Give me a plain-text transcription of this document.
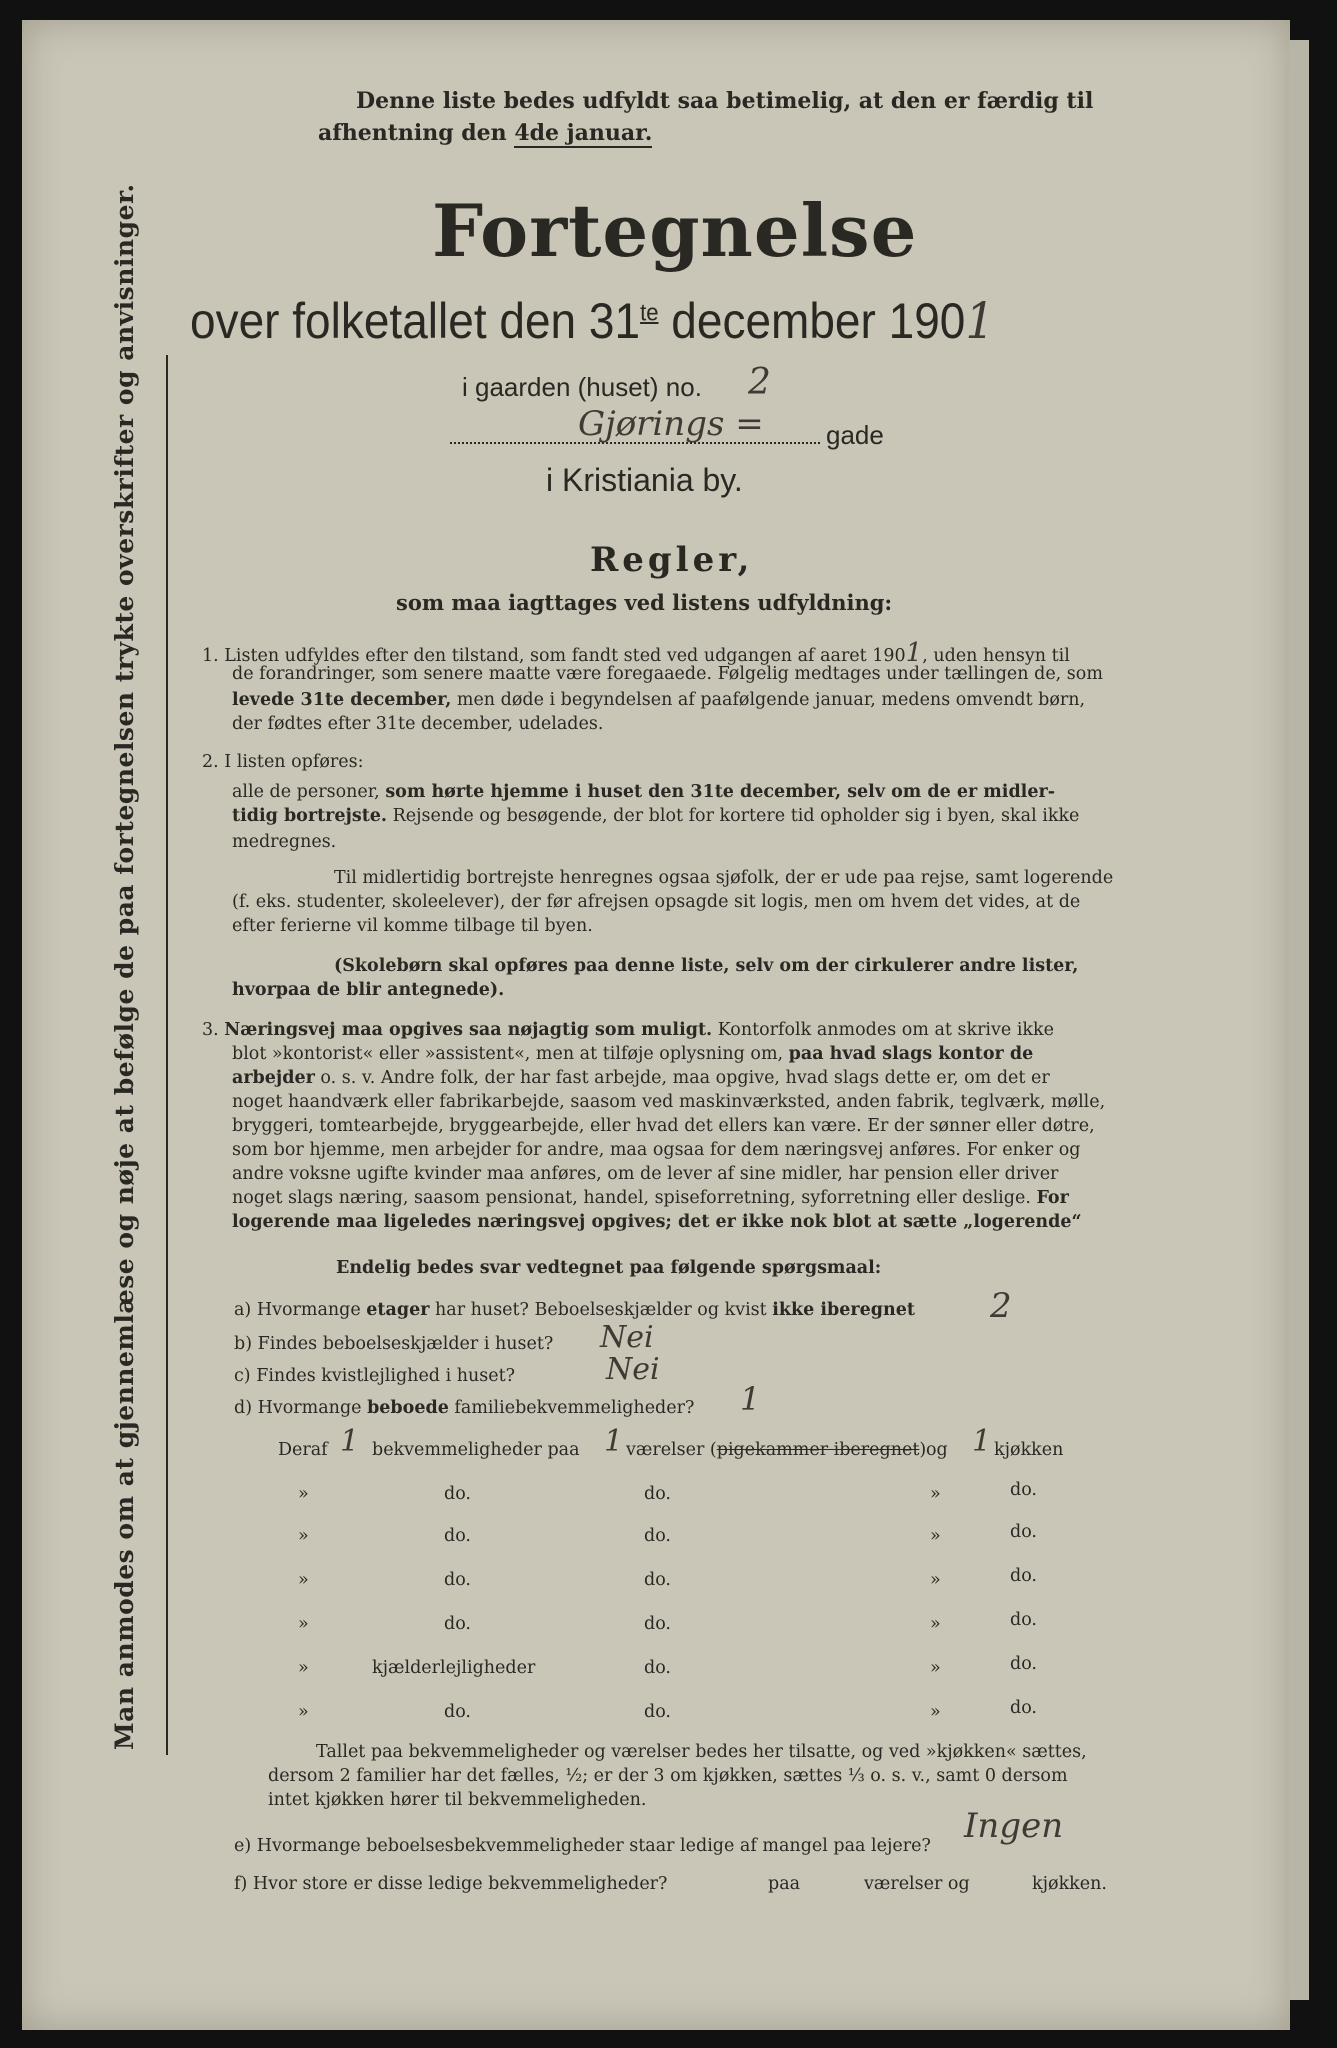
Man anmodes om at gjennemlæse og nøje at befølge de paa fortegnelsen trykte overskrifter og anvisninger.
Denne liste bedes udfyldt saa betimelig, at den er færdig til
afhentning den 4de januar.
Fortegnelse
over folketallet den $31^{te}$ december 1901
i gaarden (huset) no. 2
Gjørings = gade
i Kristiania by.
Regler,
som maa iagttages ved listens udfyldning:
1. Listen udfyldes efter den tilstand, som fandt sted ved udgangen af aaret 1901, uden hensyn til
de forandringer, som senere maatte være foregaaede. Følgelig medtages under tællingen de, som
levede 31te december, men døde i begyndelsen af paafølgende januar, medens omvendt børn,
der fødtes efter 31te december, udelades.
2. I listen opføres:
alle de personer, som hørte hjemme i huset den 31te december, selv om de er midler-
tidig bortrejste. Rejsende og besøgende, der blot for kortere tid opholder sig i byen, skal ikke
medregnes.
Til midlertidig bortrejste henregnes ogsaa sjøfolk, der er ude paa rejse, samt logerende
(f. eks. studenter, skoleelever), der før afrejsen opsagde sit logis, men om hvem det vides, at de
efter ferierne vil komme tilbage til byen.
(Skolebørn skal opføres paa denne liste, selv om der cirkulerer andre lister,
hvorpaa de blir antegnede).
3. Næringsvej maa opgives saa nøjagtig som muligt. Kontorfolk anmodes om at skrive ikke
blot »kontorist« eller »assistent«, men at tilføje oplysning om, paa hvad slags kontor de
arbejder o. s. v. Andre folk, der har fast arbejde, maa opgive, hvad slags dette er, om det er
noget haandværk eller fabrikarbejde, saasom ved maskinværksted, anden fabrik, teglværk, mølle,
bryggeri, tomtearbejde, bryggearbejde, eller hvad det ellers kan være. Er der sønner eller døtre,
som bor hjemme, men arbejder for andre, maa ogsaa for dem næringsvej anføres. For enker og
andre voksne ugifte kvinder maa anføres, om de lever af sine midler, har pension eller driver
noget slags næring, saasom pensionat, handel, spiseforretning, syforretning eller deslige. For
logerende maa ligeledes næringsvej opgives; det er ikke nok blot at sætte „logerende“
Endelig bedes svar vedtegnet paa følgende spørgsmaal:
a) Hvormange etager har huset? Beboelseskjælder og kvist ikke iberegnet 2
b) Findes beboelseskjælder i huset? Nei
c) Findes kvistlejlighed i huset?	Nei
d) Hvormange beboede familiebekvemmeligheder? 1
Deraf 1 bekvemmeligheder paa 1 værelser (pigekammer iberegnet) og 1 kjøkken
»	do.	do.	»	do.
»	do.	do.	»	do.
»	do.	do.	»	do.
»	do.	do.	»	do.
»	kjælderlejligheder	do.	»	do.
»	do.	do.	»	do.
Tallet paa bekvemmeligheder og værelser bedes her tilsatte, og ved »kjøkken« sættes,
dersom 2 familier har det fælles, ½; er der 3 om kjøkken, sættes ⅓ o. s. v., samt 0 dersom
intet kjøkken hører til bekvemmeligheden.
e) Hvormange beboelsesbekvemmeligheder staar ledige af mangel paa lejere? Ingen
f) Hvor store er disse ledige bekvemmeligheder?	paa	værelser og	kjøkken.
